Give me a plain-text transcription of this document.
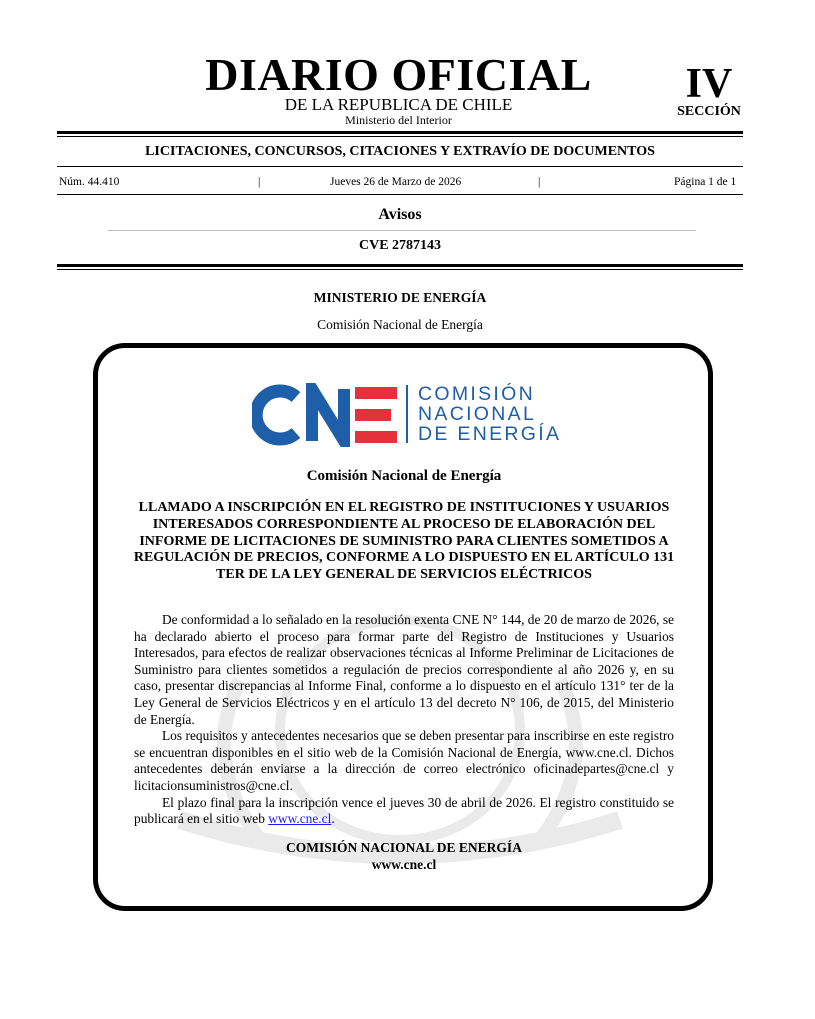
DIARIO OFICIAL
DE LA REPUBLICA DE CHILE
Ministerio del Interior
IV
SECCIÓN
LICITACIONES, CONCURSOS, CITACIONES Y EXTRAVÍO DE DOCUMENTOS
Núm. 44.410	|	Jueves 26 de Marzo de 2026	|	Página 1 de 1
Avisos
CVE 2787143
MINISTERIO DE ENERGÍA
Comisión Nacional de Energía
COMISIÓN
NACIONAL
DE ENERGÍA
Comisión Nacional de Energía
LLAMADO A INSCRIPCIÓN EN EL REGISTRO DE INSTITUCIONES Y USUARIOS INTERESADOS CORRESPONDIENTE AL PROCESO DE ELABORACIÓN DEL INFORME DE LICITACIONES DE SUMINISTRO PARA CLIENTES SOMETIDOS A REGULACIÓN DE PRECIOS, CONFORME A LO DISPUESTO EN EL ARTÍCULO 131 TER DE LA LEY GENERAL DE SERVICIOS ELÉCTRICOS

De conformidad a lo señalado en la resolución exenta CNE N° 144, de 20 de marzo de 2026, se ha declarado abierto el proceso para formar parte del Registro de Instituciones y Usuarios Interesados, para efectos de realizar observaciones técnicas al Informe Preliminar de Licitaciones de Suministro para clientes sometidos a regulación de precios correspondiente al año 2026 y, en su caso, presentar discrepancias al Informe Final, conforme a lo dispuesto en el artículo 131° ter de la Ley General de Servicios Eléctricos y en el artículo 13 del decreto N° 106, de 2015, del Ministerio de Energía.

Los requisitos y antecedentes necesarios que se deben presentar para inscribirse en este registro se encuentran disponibles en el sitio web de la Comisión Nacional de Energía, www.cne.cl. Dichos antecedentes deberán enviarse a la dirección de correo electrónico oficinadepartes@cne.cl y licitacionsuministros@cne.cl.

El plazo final para la inscripción vence el jueves 30 de abril de 2026. El registro constituido se publicará en el sitio web www.cne.cl.

COMISIÓN NACIONAL DE ENERGÍA
www.cne.cl
